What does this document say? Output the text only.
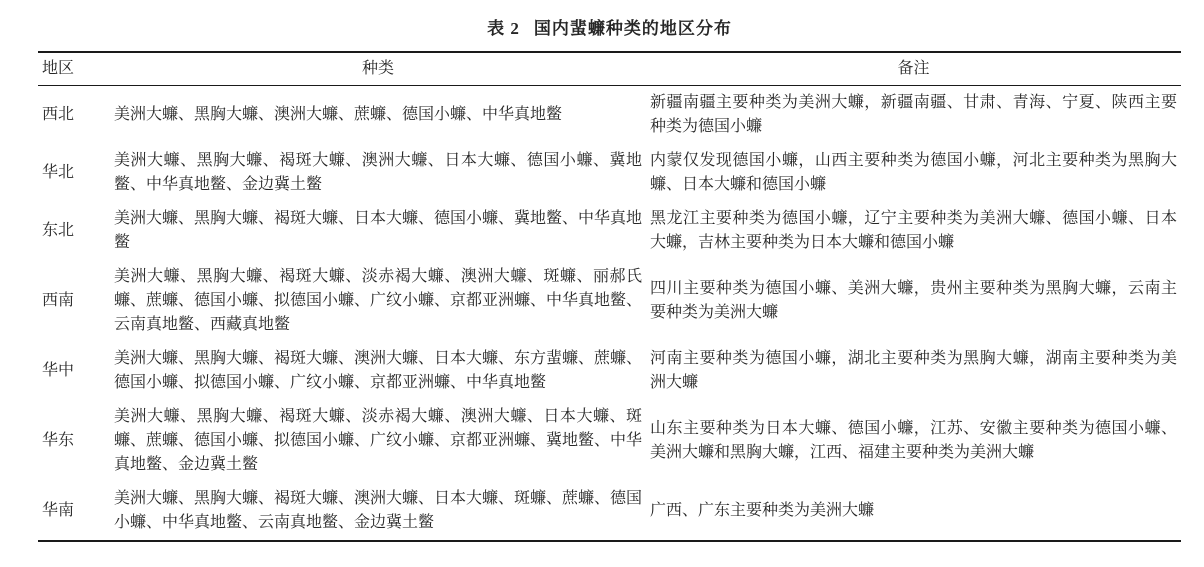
表 2 国内蜚蠊种类的地区分布
地区	种类	备注
西北	美洲大蠊、黑胸大蠊、澳洲大蠊、蔗蠊、德国小蠊、中华真地鳖	新疆南疆主要种类为美洲大蠊，新疆南疆、甘肃、青海、宁夏、陕西主要种类为德国小蠊
华北	美洲大蠊、黑胸大蠊、褐斑大蠊、澳洲大蠊、日本大蠊、德国小蠊、冀地鳖、中华真地鳖、金边冀土鳖	内蒙仅发现德国小蠊，山西主要种类为德国小蠊，河北主要种类为黑胸大蠊、日本大蠊和德国小蠊
东北	美洲大蠊、黑胸大蠊、褐斑大蠊、日本大蠊、德国小蠊、冀地鳖、中华真地鳖	黑龙江主要种类为德国小蠊，辽宁主要种类为美洲大蠊、德国小蠊、日本大蠊，吉林主要种类为日本大蠊和德国小蠊
西南	美洲大蠊、黑胸大蠊、褐斑大蠊、淡赤褐大蠊、澳洲大蠊、斑蠊、丽郝氏蠊、蔗蠊、德国小蠊、拟德国小蠊、广纹小蠊、京都亚洲蠊、中华真地鳖、云南真地鳖、西藏真地鳖	四川主要种类为德国小蠊、美洲大蠊，贵州主要种类为黑胸大蠊，云南主要种类为美洲大蠊
华中	美洲大蠊、黑胸大蠊、褐斑大蠊、澳洲大蠊、日本大蠊、东方蜚蠊、蔗蠊、德国小蠊、拟德国小蠊、广纹小蠊、京都亚洲蠊、中华真地鳖	河南主要种类为德国小蠊，湖北主要种类为黑胸大蠊，湖南主要种类为美洲大蠊
华东	美洲大蠊、黑胸大蠊、褐斑大蠊、淡赤褐大蠊、澳洲大蠊、日本大蠊、斑蠊、蔗蠊、德国小蠊、拟德国小蠊、广纹小蠊、京都亚洲蠊、冀地鳖、中华真地鳖、金边冀土鳖	山东主要种类为日本大蠊、德国小蠊，江苏、安徽主要种类为德国小蠊、美洲大蠊和黑胸大蠊，江西、福建主要种类为美洲大蠊
华南	美洲大蠊、黑胸大蠊、褐斑大蠊、澳洲大蠊、日本大蠊、斑蠊、蔗蠊、德国小蠊、中华真地鳖、云南真地鳖、金边冀土鳖	广西、广东主要种类为美洲大蠊
